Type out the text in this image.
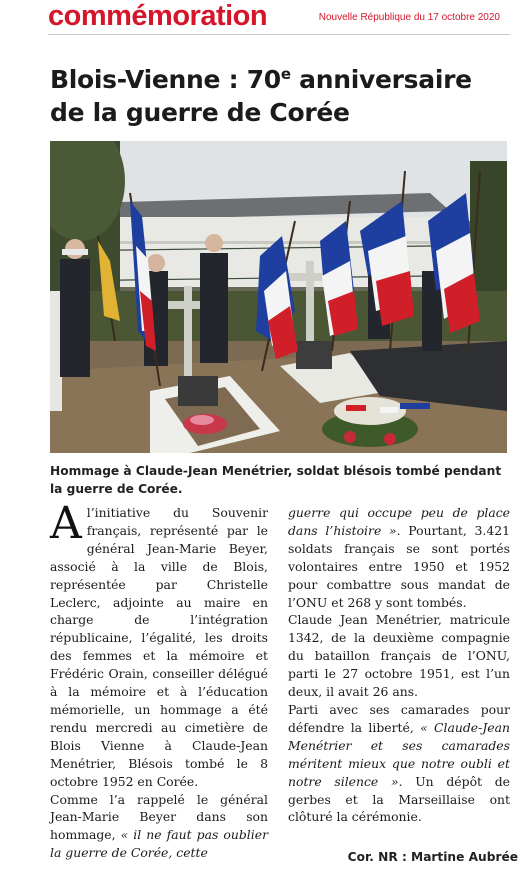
commémoration	Nouvelle République du 17 octobre 2020
Blois-Vienne : 70e anniversaire
de la guerre de Corée

Hommage à Claude-Jean Menétrier, soldat blésois tombé pendant la guerre de Corée.

Al’initiative du Souvenir français, représenté par le général Jean-Marie Beyer, associé à la ville de Blois, représentée par Christelle Leclerc, adjointe au maire en charge de l’intégration républicaine, l’égalité, les droits des femmes et la mémoire et Frédéric Orain, conseiller délégué à la mémoire et à l’éducation mémorielle, un hommage a été rendu mercredi au cimetière de Blois Vienne à Claude-Jean Menétrier, Blésois tombé le 8 octobre 1952 en Corée.

Comme l’a rappelé le général Jean-Marie Beyer dans son hommage, « il ne faut pas oublier la guerre de Corée, cette

guerre qui occupe peu de place dans l’histoire ». Pourtant, 3.421 soldats français se sont portés volontaires entre 1950 et 1952 pour combattre sous mandat de l’ONU et 268 y sont tombés.

Claude Jean Menétrier, matricule 1342, de la deuxième compagnie du bataillon français de l’ONU, parti le 27 octobre 1951, est l’un deux, il avait 26 ans.

Parti avec ses camarades pour défendre la liberté, « Claude-Jean Menétrier et ses camarades méritent mieux que notre oubli et notre silence ». Un dépôt de gerbes et la Marseillaise ont clôturé la cérémonie.

Cor. NR : Martine Aubrée
